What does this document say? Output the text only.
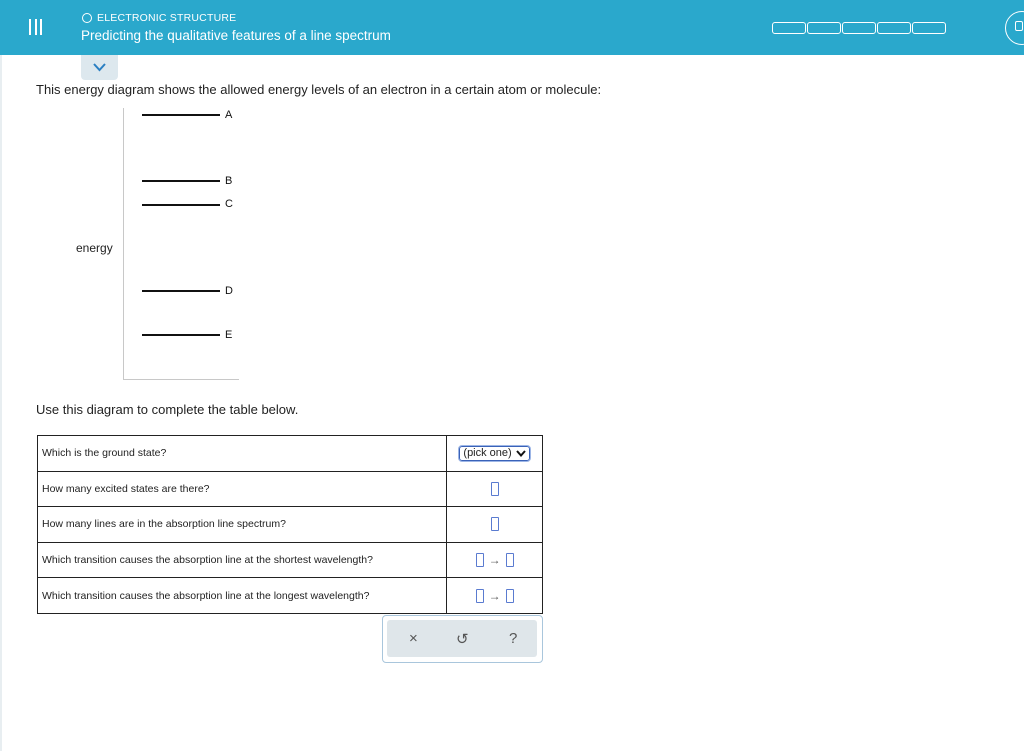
ELECTRONIC STRUCTURE
Predicting the qualitative features of a line spectrum
This energy diagram shows the allowed energy levels of an electron in a certain atom or molecule:
energy
A
B
C
D
E
Use this diagram to complete the table below.
Which is the ground state?	(pick one)

How many excited states are there?	
How many lines are in the absorption line spectrum?	
Which transition causes the absorption line at the shortest wavelength?	→
Which transition causes the absorption line at the longest wavelength?	→
×	↺	?
